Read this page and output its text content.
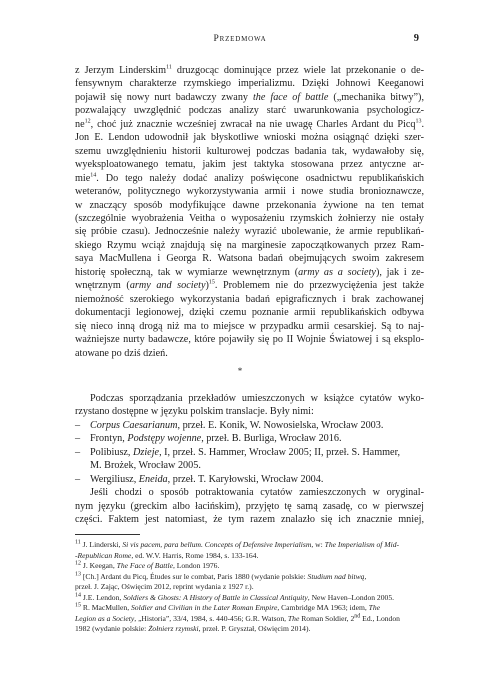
Przedmowa	9
z Jerzym Linderskim$^{11}$ druzgocąc dominujące przez wiele lat przekonanie o de-
fensywnym charakterze rzymskiego imperializmu. Dzięki Johnowi Keeganowi
pojawił się nowy nurt badawczy zwany the face of battle („mechanika bitwy”),
pozwalający uwzględnić podczas analizy starć uwarunkowania psychologicz-
$ne^{12}$, choć już znacznie wcześniej zwracał na nie uwagę Charles Ardant du Picq$^{13}$.
Jon E. Lendon udowodnił jak błyskotliwe wnioski można osiągnąć dzięki szer-
szemu uwzględnieniu historii kulturowej podczas badania tak, wydawałoby się,
wyeksploatowanego tematu, jakim jest taktyka stosowana przez antyczne ar-
mie$^{14}$. Do tego należy dodać analizy poświęcone osadnictwu republikańskich
weteranów, politycznego wykorzystywania armii i nowe studia bronioznawcze,
w znaczący sposób modyfikujące dawne przekonania żywione na ten temat
(szczególnie wyobrażenia Veitha o wyposażeniu rzymskich żołnierzy nie ostały
się próbie czasu). Jednocześnie należy wyrazić ubolewanie, że armie republikań-
skiego Rzymu wciąż znajdują się na marginesie zapoczątkowanych przez Ram-
saya MacMullena i Georga R. Watsona badań obejmujących swoim zakresem
historię społeczną, tak w wymiarze wewnętrznym (army as a society), jak i ze-
wnętrznym (army and society)$^{15}$. Problemem nie do przezwyciężenia jest także
niemożność szerokiego wykorzystania badań epigraficznych i brak zachowanej
dokumentacji legionowej, dzięki czemu poznanie armii republikańskich odbywa
się nieco inną drogą niż ma to miejsce w przypadku armii cesarskiej. Są to naj-
ważniejsze nurty badawcze, które pojawiły się po II Wojnie Światowej i są eksplo-
atowane po dziś dzień.
*
Podczas sporządzania przekładów umieszczonych w książce cytatów wyko-
rzystano dostępne w języku polskim translacje. Były nimi:
– Corpus Caesarianum, przeł. E. Konik, W. Nowosielska, Wrocław 2003.
– Frontyn, Podstępy wojenne, przeł. B. Burliga, Wrocław 2016.
– Polibiusz, Dzieje, I, przeł. S. Hammer, Wrocław 2005; II, przeł. S. Hammer,
M. Brożek, Wrocław 2005.
– Wergiliusz, Eneida, przeł. T. Karyłowski, Wrocław 2004.
Jeśli chodzi o sposób potraktowania cytatów zamieszczonych w oryginal-
nym języku (greckim albo łacińskim), przyjęto tę samą zasadę, co w pierwszej
części. Faktem jest natomiast, że tym razem znalazło się ich znacznie mniej,
$^{11}$ J. Linderski, Si vis pacem, para bellum. Concepts of Defensive Imperialism, w: The Imperialism of Mid-
-Republican Rome, ed. W.V. Harris, Rome 1984, s. 133-164.
$^{12}$ J. Keegan, The Face of Battle, London 1976.
$^{13}$ [Ch.] Ardant du Picq, Études sur le combat, Paris 1880 (wydanie polskie: Studium nad bitwą,
przeł. J. Zając, Oświęcim 2012, reprint wydania z 1927 r.).
$^{14}$ J.E. Lendon, Soldiers & Ghosts: A History of Battle in Classical Antiquity, New Haven–London 2005.
$^{15}$ R. MacMullen, Soldier and Civilian in the Later Roman Empire, Cambridge MA 1963; idem, The
Legion as a Society, „Historia”, 33/4, 1984, s. 440-456; G.R. Watson, The Roman Soldier, 2nd Ed., London
1982 (wydanie polskie: Żołnierz rzymski, przeł. P. Gryształ, Oświęcim 2014).
